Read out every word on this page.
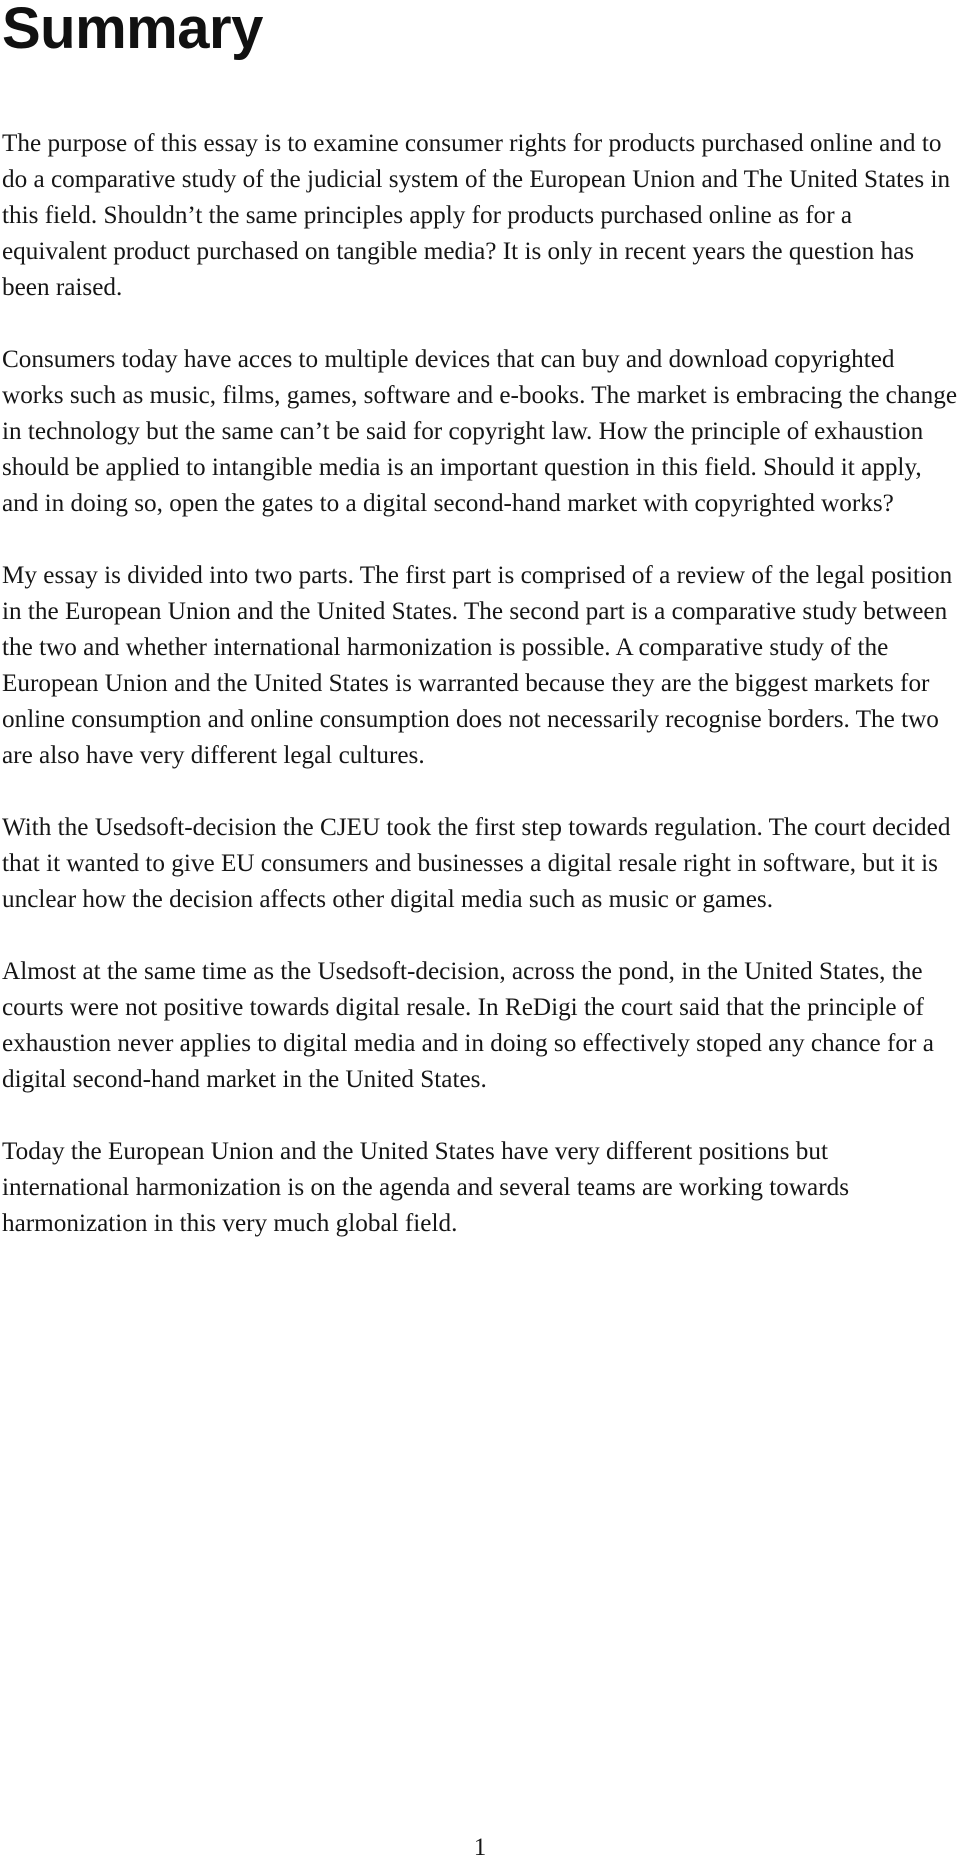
Summary

The purpose of this essay is to examine consumer rights for products purchased online and to do a comparative study of the judicial system of the European Union and The United States in this field. Shouldn’t the same principles apply for products purchased online as for a equivalent product purchased on tangible media? It is only in recent years the question has been raised.

Consumers today have acces to multiple devices that can buy and download copyrighted works such as music, films, games, software and e-books. The market is embracing the change in technology but the same can’t be said for copyright law. How the principle of exhaustion should be applied to intangible media is an important question in this field. Should it apply, and in doing so, open the gates to a digital second-hand market with copyrighted works?

My essay is divided into two parts. The first part is comprised of a review of the legal position in the European Union and the United States. The second part is a comparative study between the two and whether international harmonization is possible. A comparative study of the European Union and the United States is warranted because they are the biggest markets for online consumption and online consumption does not necessarily recognise borders. The two are also have very different legal cultures.

With the Usedsoft-decision the CJEU took the first step towards regulation. The court decided that it wanted to give EU consumers and businesses a digital resale right in software, but it is unclear how the decision affects other digital media such as music or games.

Almost at the same time as the Usedsoft-decision, across the pond, in the United States, the courts were not positive towards digital resale. In ReDigi the court said that the principle of exhaustion never applies to digital media and in doing so effectively stoped any chance for a digital second-hand market in the United States.

Today the European Union and the United States have very different positions but international harmonization is on the agenda and several teams are working towards harmonization in this very much global field.

1
